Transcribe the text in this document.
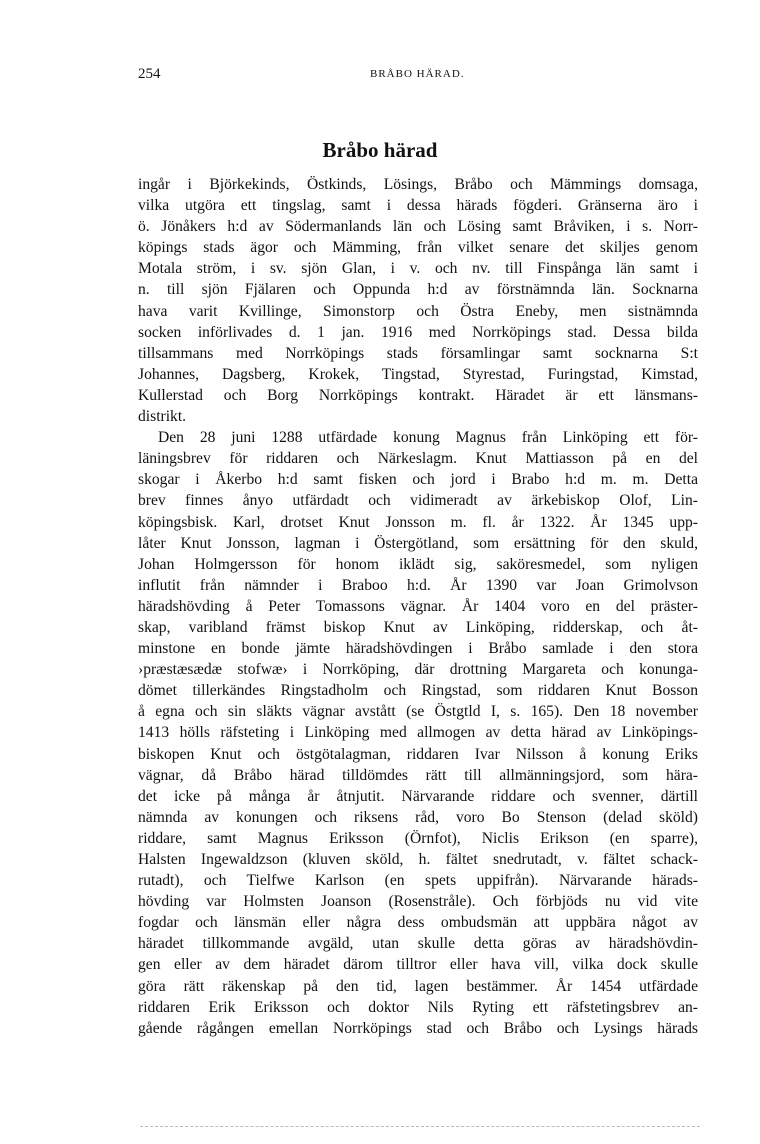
254	BRÅBO HÄRAD.
Bråbo härad
ingår i Björkekinds, Östkinds, Lösings, Bråbo och Mämmings domsaga,
vilka utgöra ett tingslag, samt i dessa härads fögderi. Gränserna äro i
ö. Jönåkers h:d av Södermanlands län och Lösing samt Bråviken, i s. Norr-
köpings stads ägor och Mämming, från vilket senare det skiljes genom
Motala ström, i sv. sjön Glan, i v. och nv. till Finspånga län samt i
n. till sjön Fjälaren och Oppunda h:d av förstnämnda län. Socknarna
hava varit Kvillinge, Simonstorp och Östra Eneby, men sistnämnda
socken införlivades d. 1 jan. 1916 med Norrköpings stad. Dessa bilda
tillsammans med Norrköpings stads församlingar samt socknarna S:t
Johannes, Dagsberg, Krokek, Tingstad, Styrestad, Furingstad, Kimstad,
Kullerstad och Borg Norrköpings kontrakt. Häradet är ett länsmans-
distrikt.
Den 28 juni 1288 utfärdade konung Magnus från Linköping ett för-
läningsbrev för riddaren och Närkeslagm. Knut Mattiasson på en del
skogar i Åkerbo h:d samt fisken och jord i Brabo h:d m. m. Detta
brev finnes ånyo utfärdadt och vidimeradt av ärkebiskop Olof, Lin-
köpingsbisk. Karl, drotset Knut Jonsson m. fl. år 1322. År 1345 upp-
låter Knut Jonsson, lagman i Östergötland, som ersättning för den skuld,
Johan Holmgersson för honom iklädt sig, saköresmedel, som nyligen
influtit från nämnder i Braboo h:d. År 1390 var Joan Grimolvson
häradshövding å Peter Tomassons vägnar. År 1404 voro en del präster-
skap, varibland främst biskop Knut av Linköping, ridderskap, och åt-
minstone en bonde jämte häradshövdingen i Bråbo samlade i den stora
›præstæsædæ stofwæ› i Norrköping, där drottning Margareta och konunga-
dömet tillerkändes Ringstadholm och Ringstad, som riddaren Knut Bosson
å egna och sin släkts vägnar avstått (se Östgtld I, s. 165). Den 18 november
1413 hölls räfsteting i Linköping med allmogen av detta härad av Linköpings-
biskopen Knut och östgötalagman, riddaren Ivar Nilsson å konung Eriks
vägnar, då Bråbo härad tilldömdes rätt till allmänningsjord, som härа-
det icke på många år åtnjutit. Närvarande riddare och svenner, därtill
nämnda av konungen och riksens råd, voro Bo Stenson (delad sköld)
riddare, samt Magnus Eriksson (Örnfot), Niclis Erikson (en sparre),
Halsten Ingewaldzson (kluven sköld, h. fältet snedrutadt, v. fältet schack-
rutadt), och Tielfwe Karlson (en spets uppifrån). Närvarande härads-
hövding var Holmsten Joanson (Rosenstråle). Och förbjöds nu vid vite
fogdar och länsmän eller några dess ombudsmän att uppbära något av
häradet tillkommande avgäld, utan skulle detta göras av häradshövdin-
gen eller av dem häradet därom tilltror eller hava vill, vilka dock skulle
göra rätt räkenskap på den tid, lagen bestämmer. År 1454 utfärdade
riddaren Erik Eriksson och doktor Nils Ryting ett räfstetingsbrev an-
gående rågången emellan Norrköpings stad och Bråbo och Lysings härads
